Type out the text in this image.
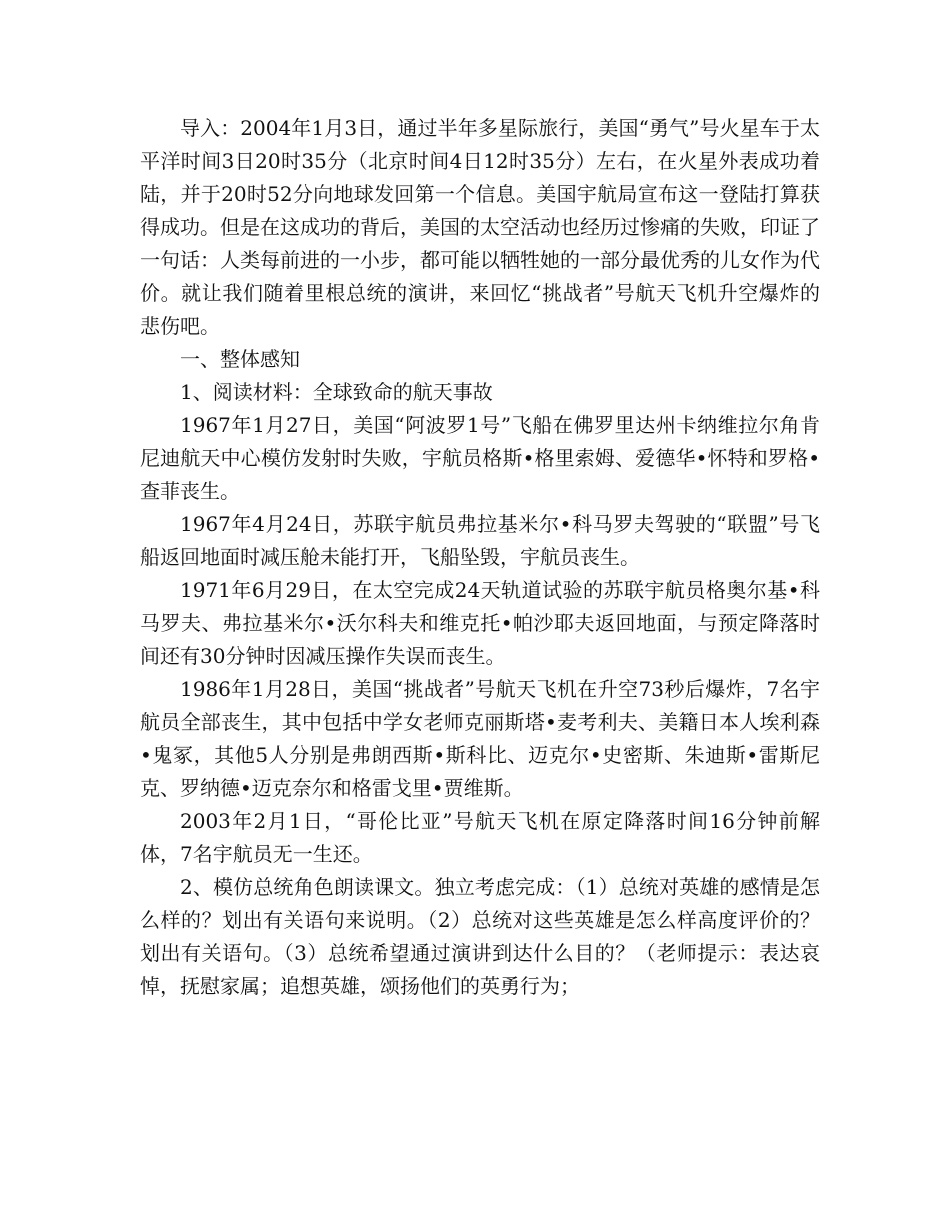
导入：2004年1月3日，通过半年多星际旅行，美国“勇气”号火星车于太平洋时间3日20时35分（北京时间4日12时35分）左右，在火星外表成功着陆，并于20时52分向地球发回第一个信息。美国宇航局宣布这一登陆打算获得成功。但是在这成功的背后，美国的太空活动也经历过惨痛的失败，印证了一句话：人类每前进的一小步，都可能以牺牲她的一部分最优秀的儿女作为代价。就让我们随着里根总统的演讲，来回忆“挑战者”号航天飞机升空爆炸的悲伤吧。

一、整体感知

1、阅读材料：全球致命的航天事故

1967年1月27日，美国“阿波罗1号”飞船在佛罗里达州卡纳维拉尔角肯尼迪航天中心模仿发射时失败，宇航员格斯•格里索姆、爱德华•怀特和罗格•查菲丧生。

1967年4月24日，苏联宇航员弗拉基米尔•科马罗夫驾驶的“联盟”号飞船返回地面时减压舱未能打开，飞船坠毁，宇航员丧生。

1971年6月29日，在太空完成24天轨道试验的苏联宇航员格奥尔基•科马罗夫、弗拉基米尔•沃尔科夫和维克托•帕沙耶夫返回地面，与预定降落时间还有30分钟时因减压操作失误而丧生。

1986年1月28日，美国“挑战者”号航天飞机在升空73秒后爆炸，7名宇航员全部丧生，其中包括中学女老师克丽斯塔•麦考利夫、美籍日本人埃利森•鬼冢，其他5人分别是弗朗西斯•斯科比、迈克尔•史密斯、朱迪斯•雷斯尼克、罗纳德•迈克奈尔和格雷戈里•贾维斯。

2003年2月1日，“哥伦比亚”号航天飞机在原定降落时间16分钟前解体，7名宇航员无一生还。

2、模仿总统角色朗读课文。独立考虑完成：（1）总统对英雄的感情是怎么样的？划出有关语句来说明。（2）总统对这些英雄是怎么样高度评价的？划出有关语句。（3）总统希望通过演讲到达什么目的？（老师提示：表达哀悼，抚慰家属；追想英雄，颂扬他们的英勇行为；
